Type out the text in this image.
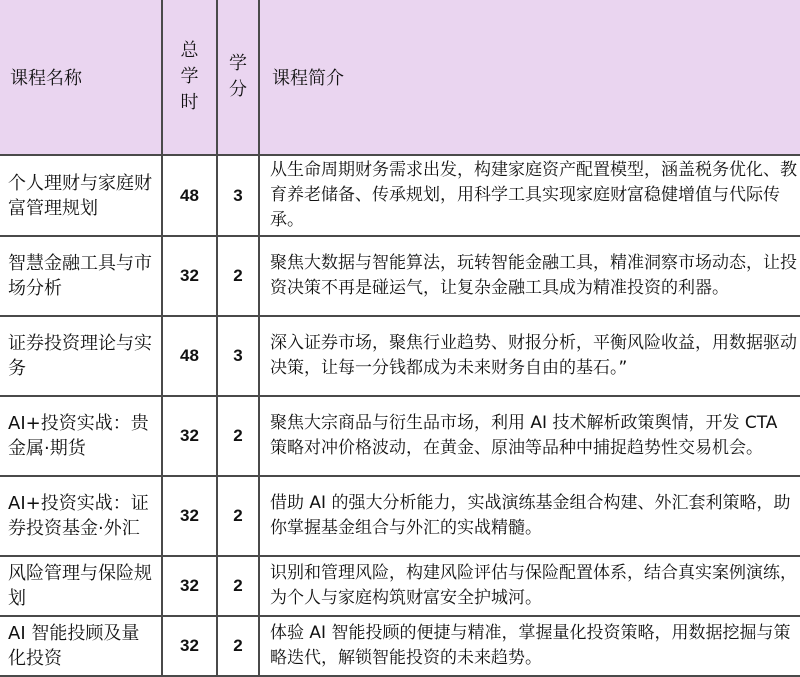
课程名称	总学时	学分	课程简介
个人理财与家庭财富管理规划	48	3	从生命周期财务需求出发，构建家庭资产配置模型，涵盖税务优化、教育养老储备、传承规划，用科学工具实现家庭财富稳健增值与代际传承。
智慧金融工具与市场分析	32	2	聚焦大数据与智能算法，玩转智能金融工具，精准洞察市场动态，让投资决策不再是碰运气，让复杂金融工具成为精准投资的利器。
证券投资理论与实务	48	3	深入证券市场，聚焦行业趋势、财报分析，平衡风险收益，用数据驱动决策，让每一分钱都成为未来财务自由的基石。”
AI+投资实战：贵金属·期货	32	2	聚焦大宗商品与衍生品市场，利用 AI 技术解析政策舆情，开发 CTA 策略对冲价格波动，在黄金、原油等品种中捕捉趋势性交易机会。
AI+投资实战：证券投资基金·外汇	32	2	借助 AI 的强大分析能力，实战演练基金组合构建、外汇套利策略，助你掌握基金组合与外汇的实战精髓。
风险管理与保险规划	32	2	识别和管理风险，构建风险评估与保险配置体系，结合真实案例演练，为个人与家庭构筑财富安全护城河。
AI 智能投顾及量化投资	32	2	体验 AI 智能投顾的便捷与精准，掌握量化投资策略，用数据挖掘与策略迭代，解锁智能投资的未来趋势。
